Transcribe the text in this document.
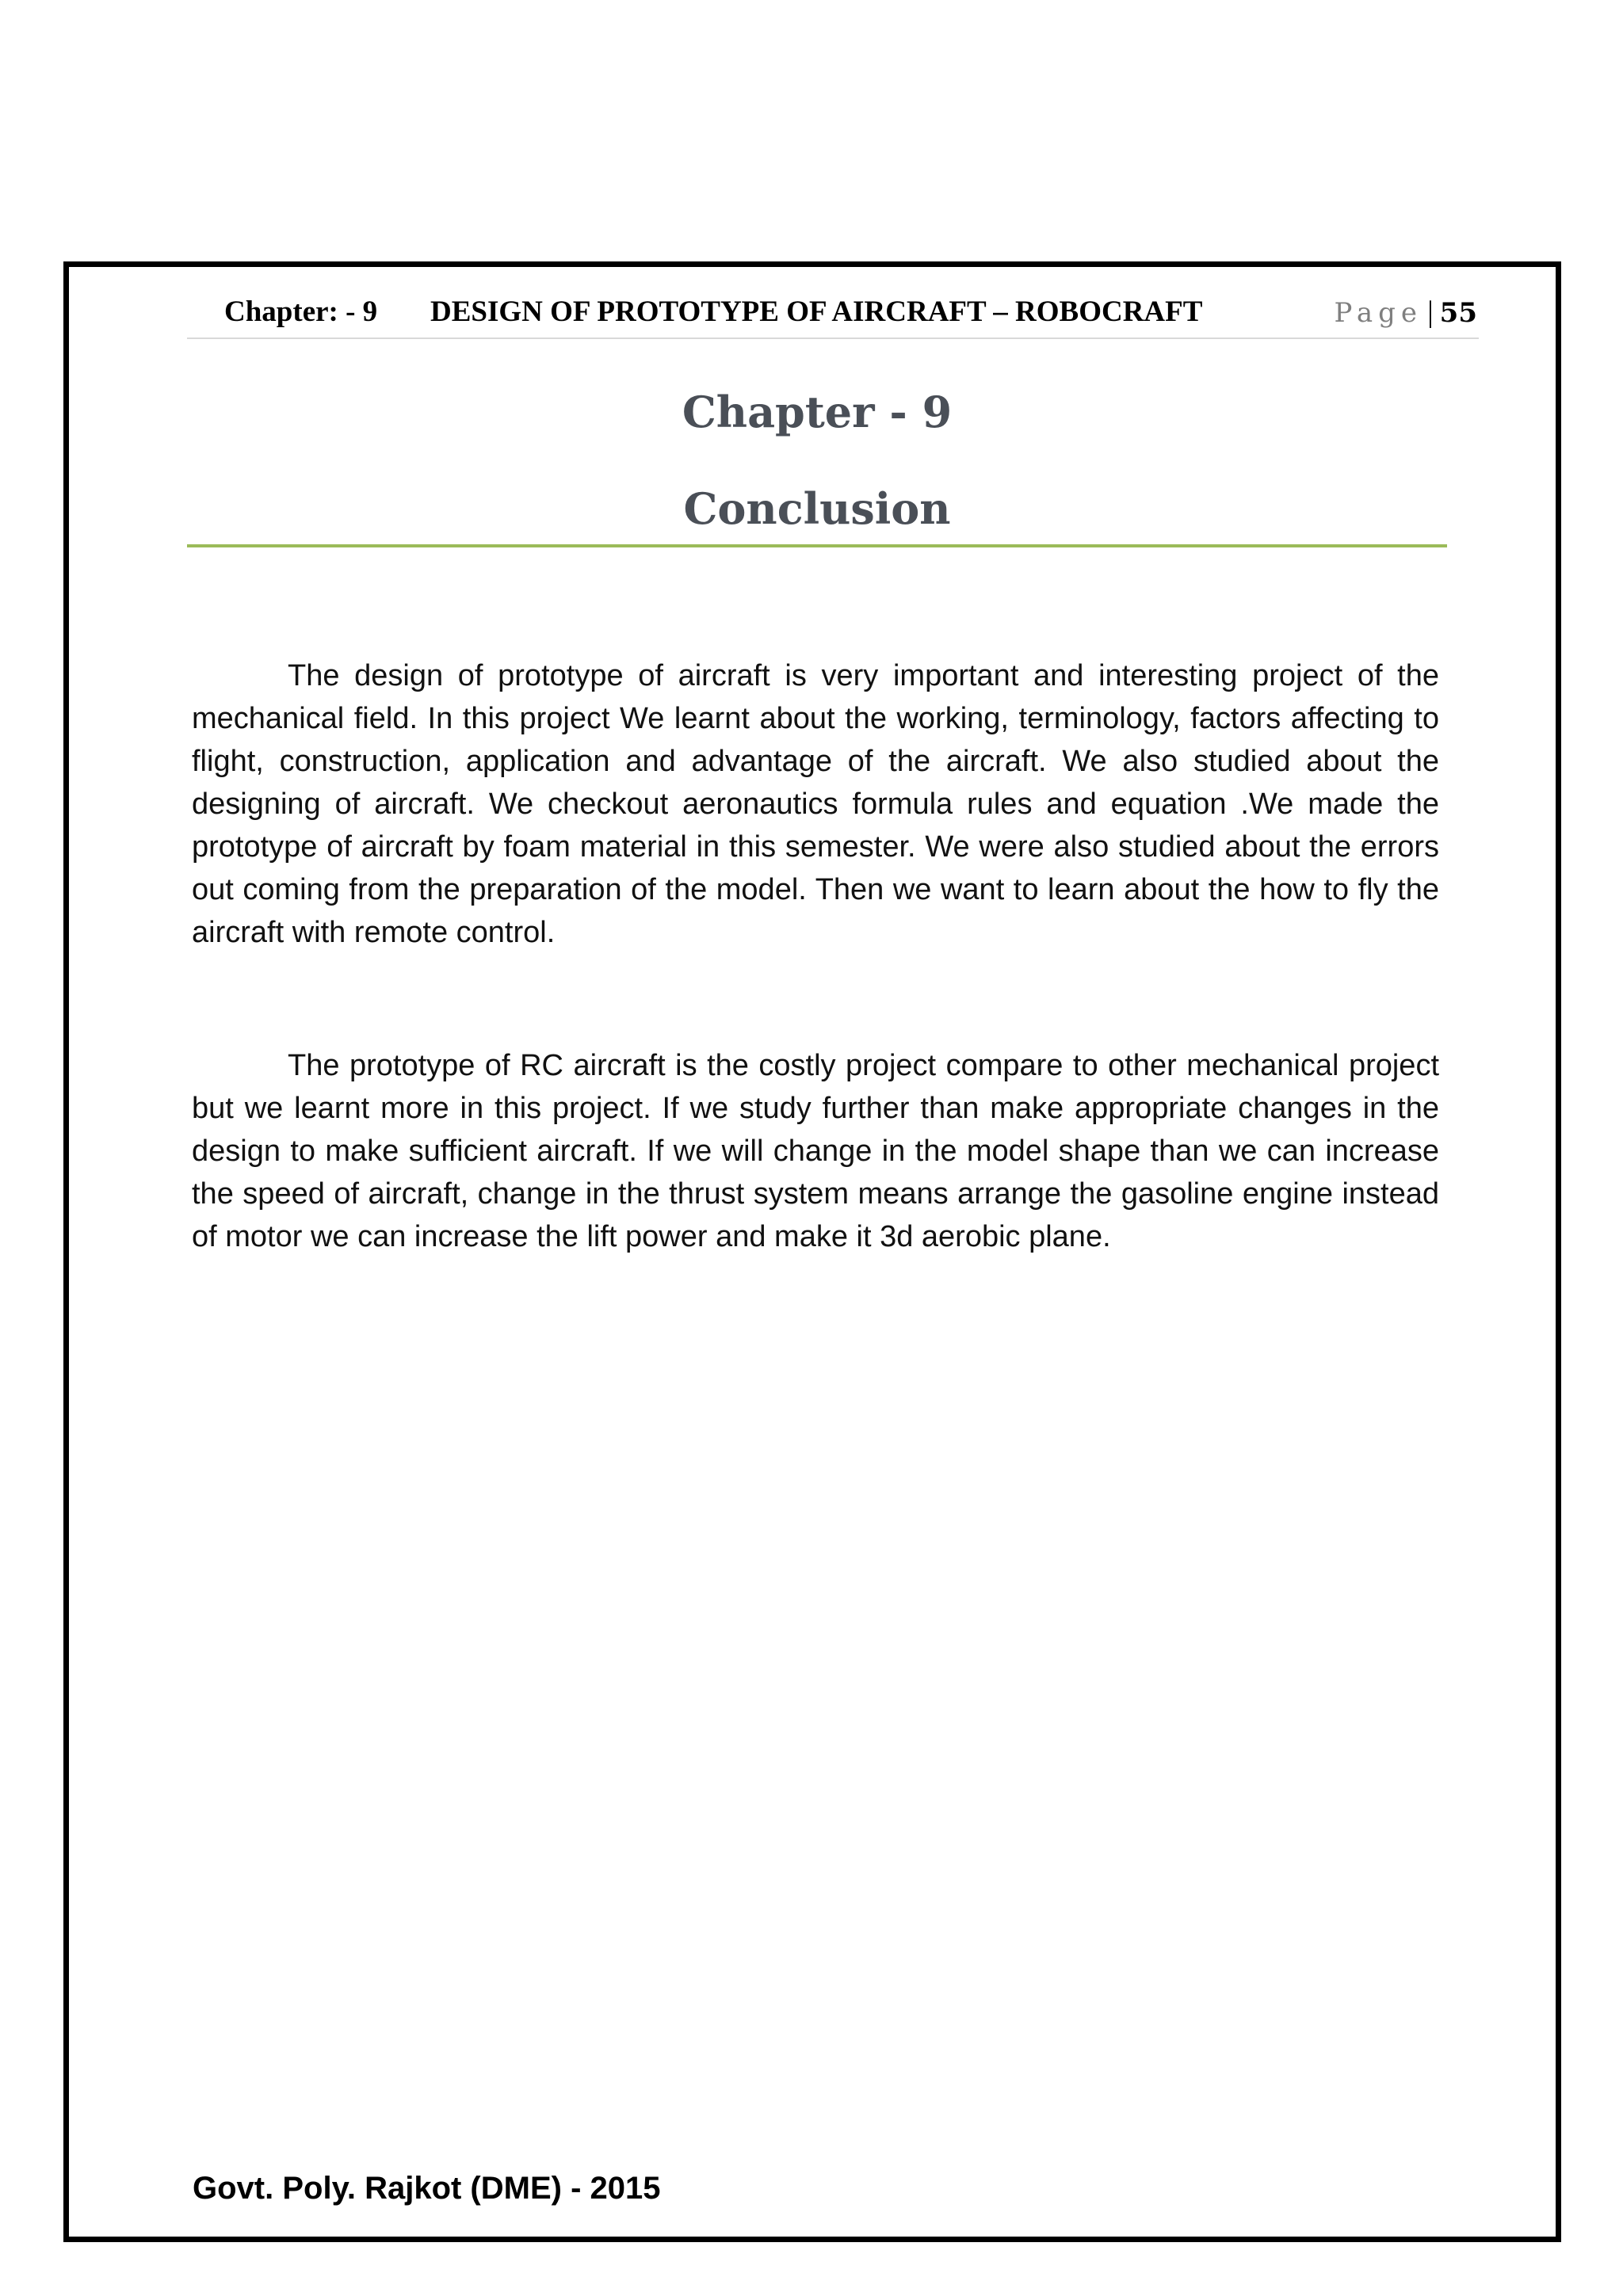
Chapter: - 9 DESIGN OF PROTOTYPE OF AIRCRAFT – ROBOCRAFT	Page | 55
Chapter - 9
Conclusion

The design of prototype of aircraft is very important and interesting project of the mechanical field. In this project We learnt about the working, terminology, factors affecting to flight, construction, application and advantage of the aircraft. We also studied about the designing of aircraft. We checkout aeronautics formula rules and equation .We made the prototype of aircraft by foam material in this semester. We were also studied about the errors out coming from the preparation of the model. Then we want to learn about the how to fly the aircraft with remote control.

The prototype of RC aircraft is the costly project compare to other mechanical project but we learnt more in this project. If we study further than make appropriate changes in the design to make sufficient aircraft. If we will change in the model shape than we can increase the speed of aircraft, change in the thrust system means arrange the gasoline engine instead of motor we can increase the lift power and make it 3d aerobic plane.

Govt. Poly. Rajkot (DME) - 2015
